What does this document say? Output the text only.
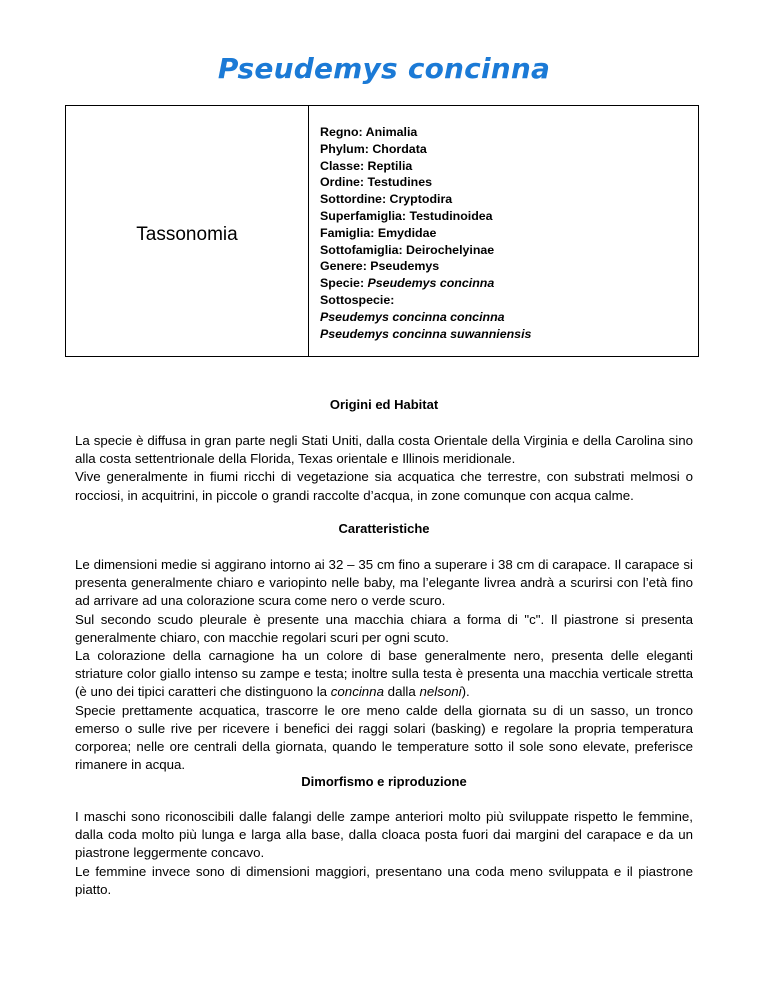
Pseudemys concinna
Tassonomia
Regno: Animalia
Phylum: Chordata
Classe: Reptilia
Ordine: Testudines
Sottordine: Cryptodira
Superfamiglia: Testudinoidea
Famiglia: Emydidae
Sottofamiglia: Deirochelyinae
Genere: Pseudemys
Specie: Pseudemys concinna
Sottospecie:
Pseudemys concinna concinna
Pseudemys concinna suwanniensis
Origini ed Habitat

La specie è diffusa in gran parte negli Stati Uniti, dalla costa Orientale della Virginia e della Carolina sino alla costa settentrionale della Florida, Texas orientale e Illinois meridionale.

Vive generalmente in fiumi ricchi di vegetazione sia acquatica che terrestre, con substrati melmosi o rocciosi, in acquitrini, in piccole o grandi raccolte d’acqua, in zone comunque con acqua calme.

Caratteristiche

Le dimensioni medie si aggirano intorno ai 32 – 35 cm fino a superare i 38 cm di carapace. Il carapace si presenta generalmente chiaro e variopinto nelle baby, ma l’elegante livrea andrà a scurirsi con l’età fino ad arrivare ad una colorazione scura come nero o verde scuro.

Sul secondo scudo pleurale è presente una macchia chiara a forma di "c". Il piastrone si presenta generalmente chiaro, con macchie regolari scuri per ogni scuto.

La colorazione della carnagione ha un colore di base generalmente nero, presenta delle eleganti striature color giallo intenso su zampe e testa; inoltre sulla testa è presenta una macchia verticale stretta (è uno dei tipici caratteri che distinguono la concinna dalla nelsoni).

Specie prettamente acquatica, trascorre le ore meno calde della giornata su di un sasso, un tronco emerso o sulle rive per ricevere i benefici dei raggi solari (basking) e regolare la propria temperatura corporea; nelle ore centrali della giornata, quando le temperature sotto il sole sono elevate, preferisce rimanere in acqua.

Dimorfismo e riproduzione

I maschi sono riconoscibili dalle falangi delle zampe anteriori molto più sviluppate rispetto le femmine, dalla coda molto più lunga e larga alla base, dalla cloaca posta fuori dai margini del carapace e da un piastrone leggermente concavo.

Le femmine invece sono di dimensioni maggiori, presentano una coda meno sviluppata e il piastrone piatto.
